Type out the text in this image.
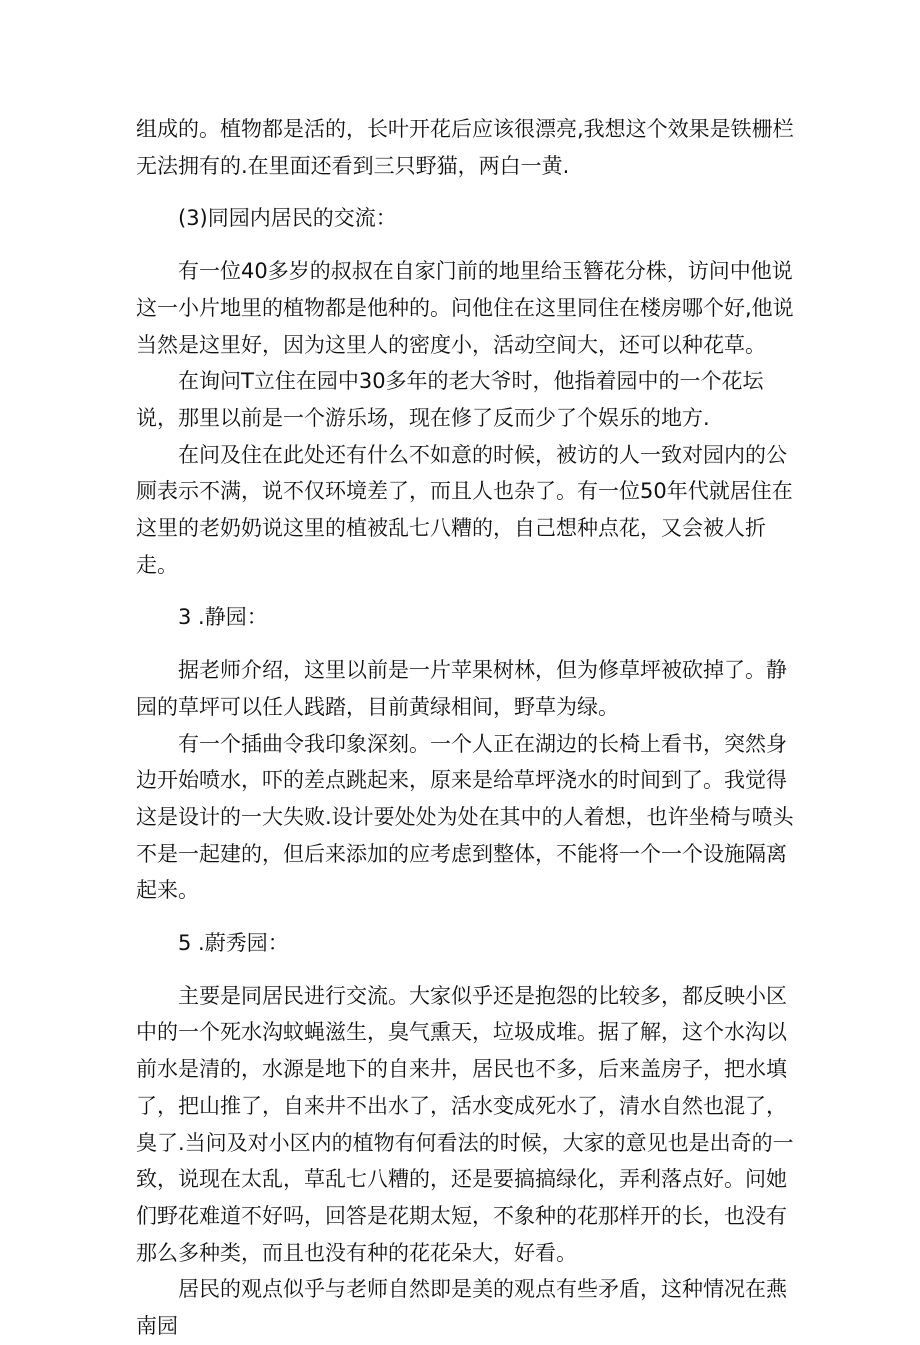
组成的。植物都是活的，长叶开花后应该很漂亮,我想这个效果是铁栅栏无法拥有的.在里面还看到三只野猫，两白一黄.

(3)同园内居民的交流：

有一位40多岁的叔叔在自家门前的地里给玉簪花分株，访问中他说这一小片地里的植物都是他种的。问他住在这里同住在楼房哪个好,他说当然是这里好，因为这里人的密度小，活动空间大，还可以种花草。

在询问T立住在园中30多年的老大爷时，他指着园中的一个花坛说，那里以前是一个游乐场，现在修了反而少了个娱乐的地方.

在问及住在此处还有什么不如意的时候，被访的人一致对园内的公厕表示不满，说不仅环境差了，而且人也杂了。有一位50年代就居住在这里的老奶奶说这里的植被乱七八糟的，自己想种点花，又会被人折走。

3 .静园：

据老师介绍，这里以前是一片苹果树林，但为修草坪被砍掉了。静园的草坪可以任人践踏，目前黄绿相间，野草为绿。

有一个插曲令我印象深刻。一个人正在湖边的长椅上看书，突然身边开始喷水，吓的差点跳起来，原来是给草坪浇水的时间到了。我觉得这是设计的一大失败.设计要处处为处在其中的人着想，也许坐椅与喷头不是一起建的，但后来添加的应考虑到整体，不能将一个一个设施隔离起来。

5 .蔚秀园：

主要是同居民进行交流。大家似乎还是抱怨的比较多，都反映小区中的一个死水沟蚊蝇滋生，臭气熏天，垃圾成堆。据了解，这个水沟以前水是清的，水源是地下的自来井，居民也不多，后来盖房子，把水填了，把山推了，自来井不出水了，活水变成死水了，清水自然也混了，臭了.当问及对小区内的植物有何看法的时候，大家的意见也是出奇的一致，说现在太乱，草乱七八糟的，还是要搞搞绿化，弄利落点好。问她们野花难道不好吗，回答是花期太短，不象种的花那样开的长，也没有那么多种类，而且也没有种的花花朵大，好看。

居民的观点似乎与老师自然即是美的观点有些矛盾，这种情况在燕南园
